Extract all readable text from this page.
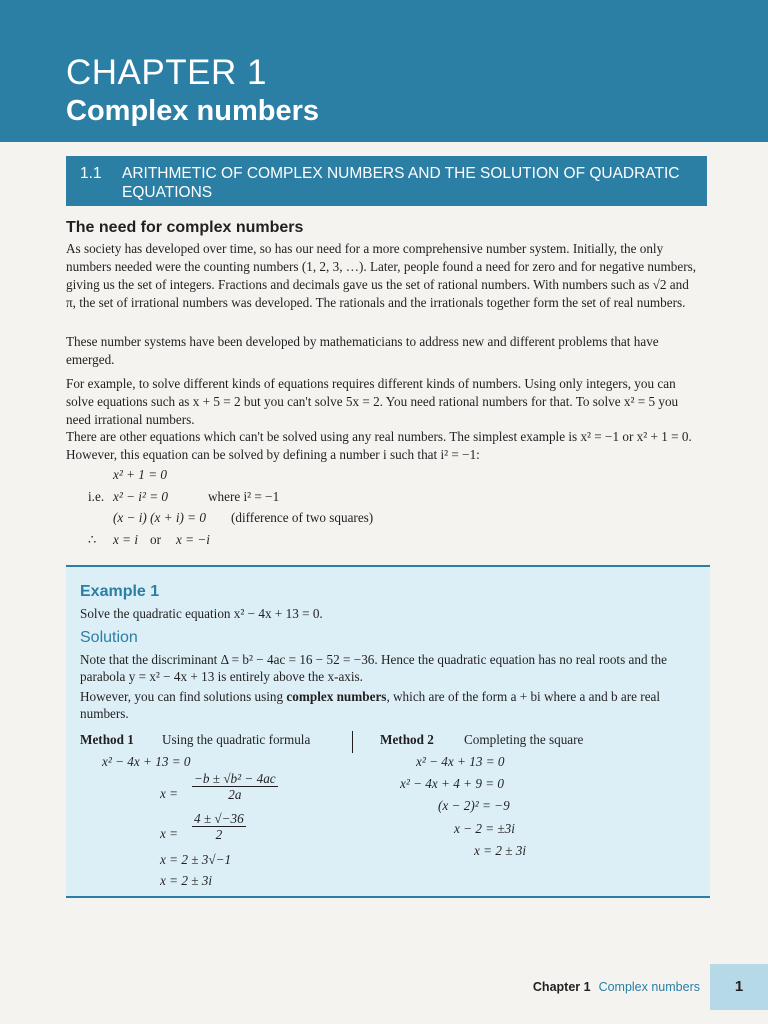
CHAPTER 1
Complex numbers
1.1 ARITHMETIC OF COMPLEX NUMBERS AND THE SOLUTION OF QUADRATIC EQUATIONS
The need for complex numbers

As society has developed over time, so has our need for a more comprehensive number system. Initially, the only numbers needed were the counting numbers (1, 2, 3, …). Later, people found a need for zero and for negative numbers, giving us the set of integers. Fractions and decimals gave us the set of rational numbers. With numbers such as √2 and π, the set of irrational numbers was developed. The rationals and the irrationals together form the set of real numbers.

These number systems have been developed by mathematicians to address new and different problems that have emerged.

For example, to solve different kinds of equations requires different kinds of numbers. Using only integers, you can solve equations such as x + 5 = 2 but you can't solve 5x = 2. You need rational numbers for that. To solve x² = 5 you need irrational numbers.

There are other equations which can't be solved using any real numbers. The simplest example is x² = −1 or x² + 1 = 0. However, this equation can be solved by defining a number i such that i² = −1:

x² + 1 = 0
i.e. x² − i² = 0	where i² = −1
(x − i) (x + i) = 0 (difference of two squares)
∴ x = i or x = −i
Example 1

Solve the quadratic equation x² − 4x + 13 = 0.

Solution

Note that the discriminant Δ = b² − 4ac = 16 − 52 = −36. Hence the quadratic equation has no real roots and the parabola y = x² − 4x + 13 is entirely above the x-axis.

However, you can find solutions using complex numbers, which are of the form a + bi where a and b are real numbers.

Method 1 Using the quadratic formula
x² − 4x + 13 = 0
$x = \frac{\text{−b ± √b² − 4ac}}{2a}$
$x = \frac{4 \pm √-36}{2}$
x = 2 ± 3√−1
x = 2 ± 3i
Method 2 Completing the square
x² − 4x + 13 = 0
x² − 4x + 4 + 9 = 0
(x − 2)² = −9
x − 2 = ±3i
x = 2 ± 3i
Chapter 1 Complex numbers	1
